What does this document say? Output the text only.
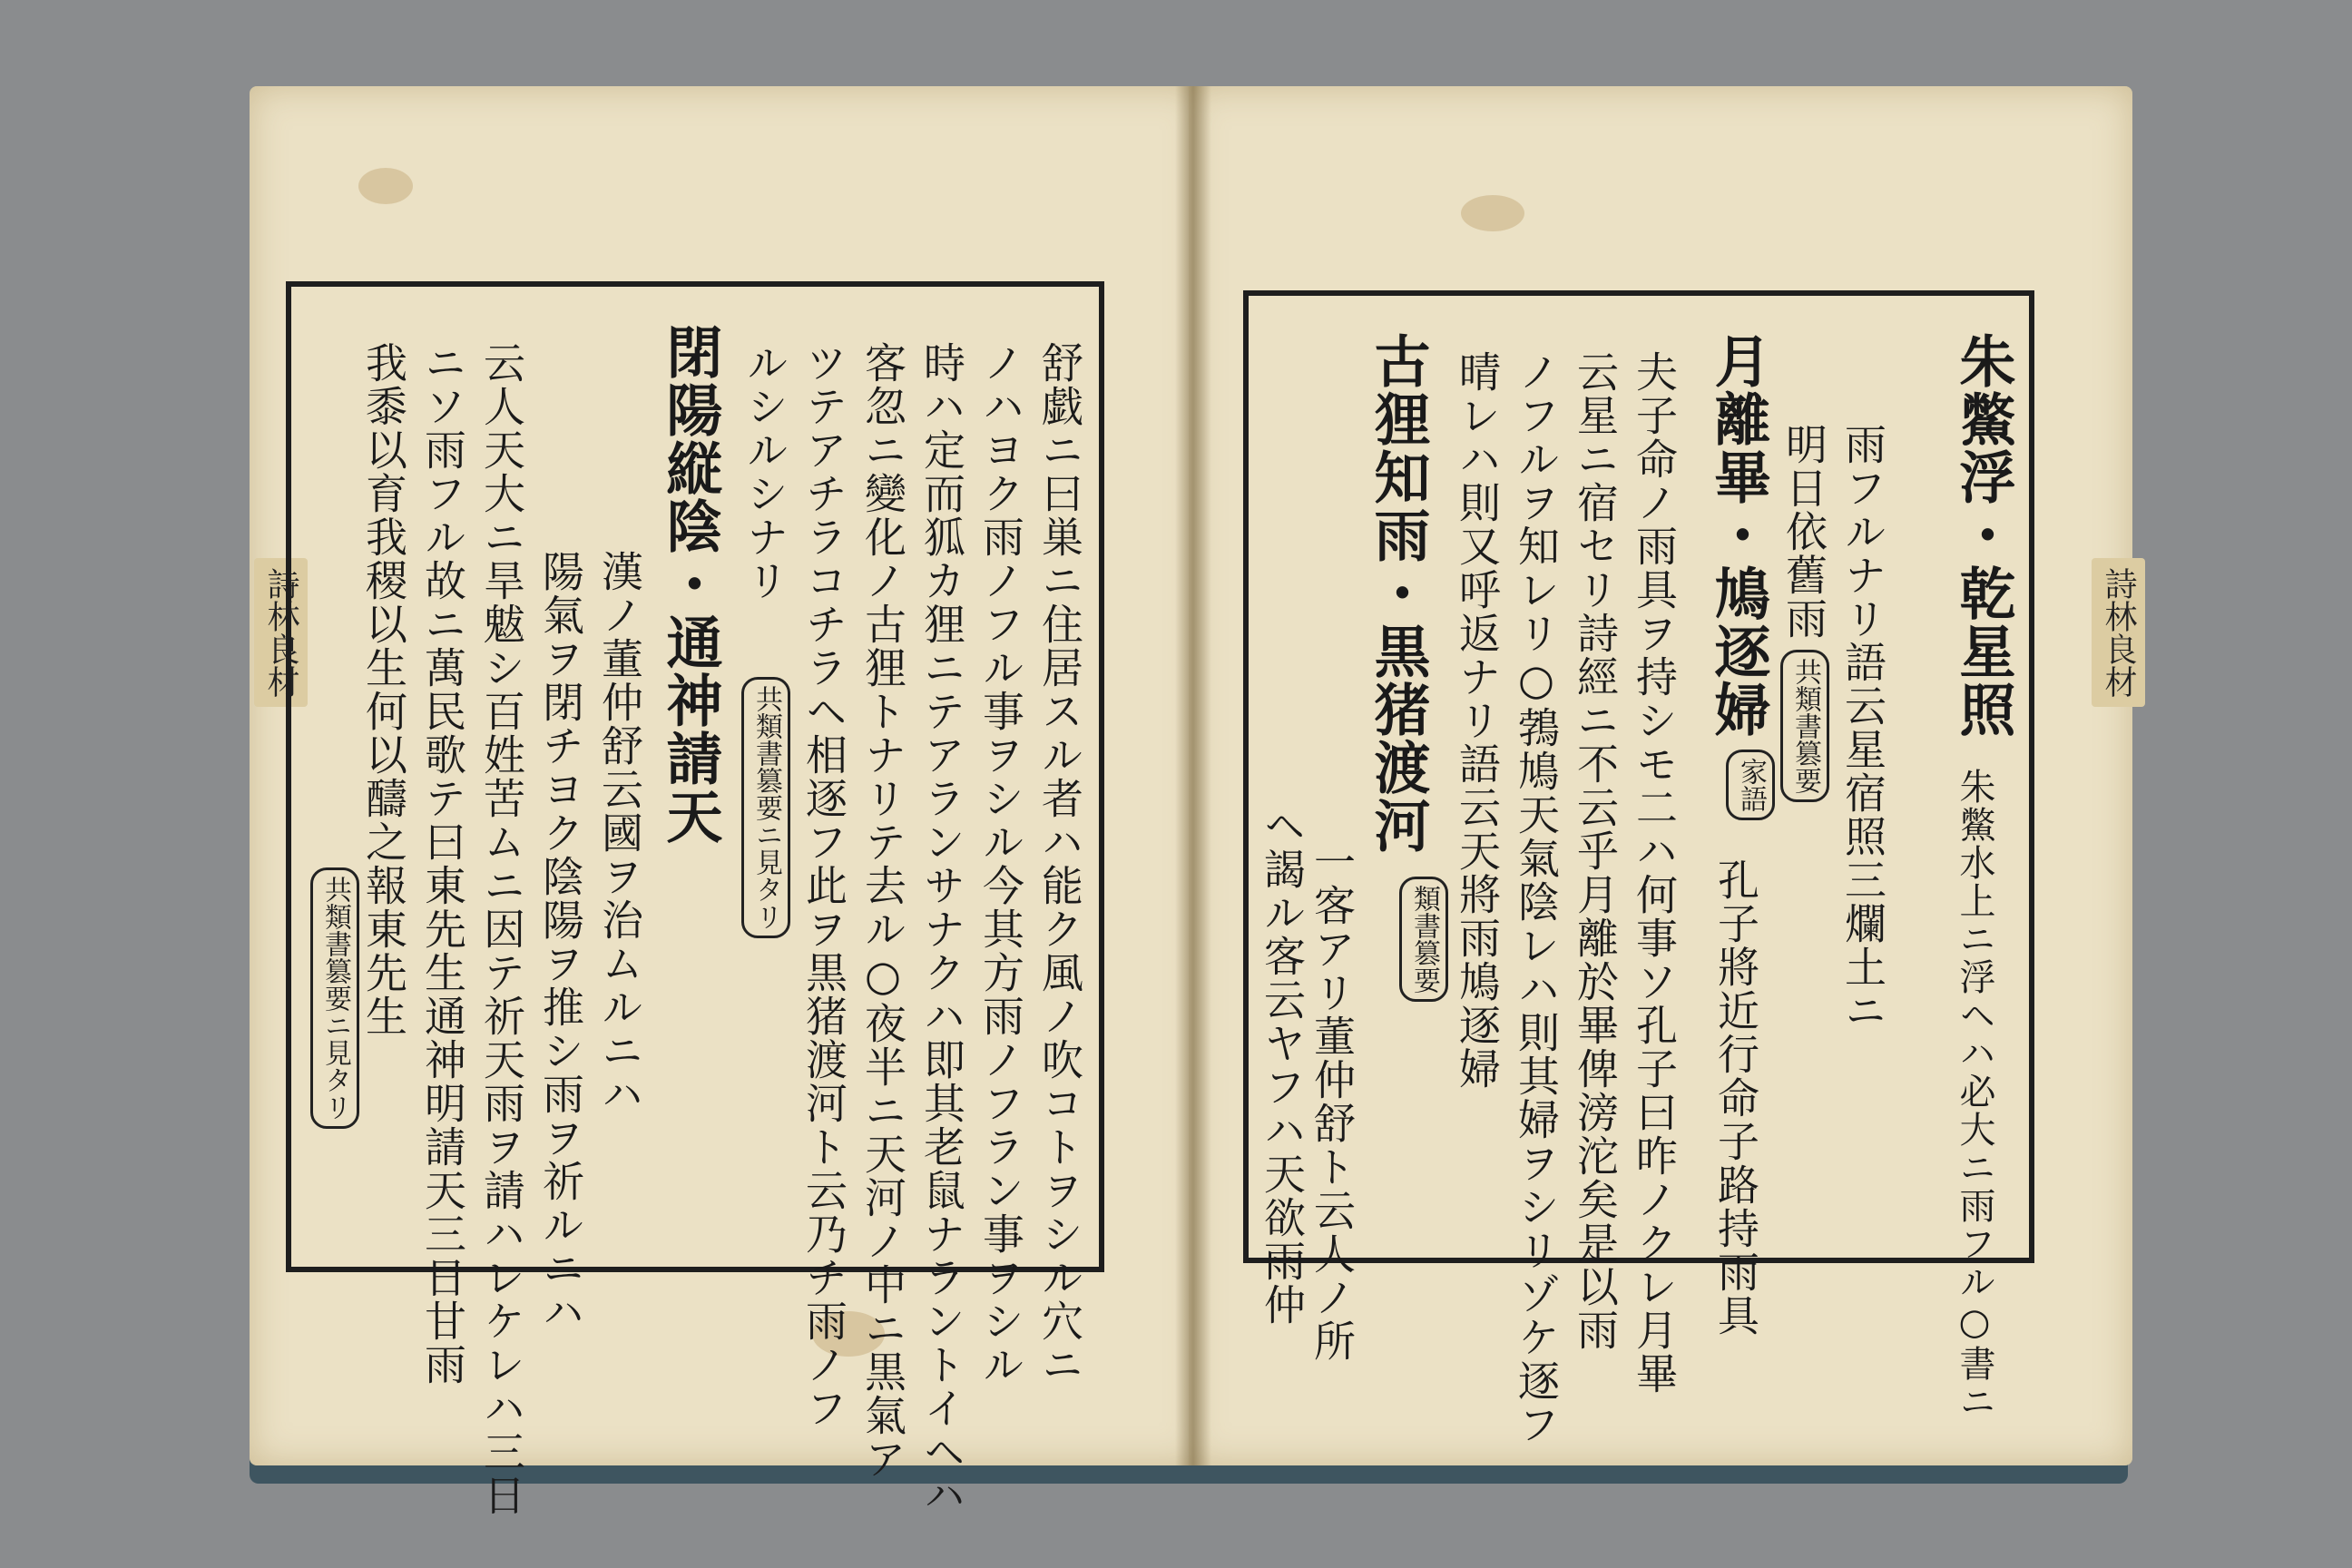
詩林良材	詩林良材
舒戯ニ曰巣ニ住居スル者ハ能ク風ノ吹コトヲシル穴ニ
ノハヨク雨ノフル事ヲシル今其方雨ノフラン事ヲシル
時ハ定而狐カ狸ニテアランサナクハ即其老鼠ナラントイヘハ
客忽ニ變化ノ古狸トナリテ去ル○夜半ニ天河ノ中ニ黒氣ア
ツテアチラコチラヘ相逐フ此ヲ黒猪渡河ト云乃チ雨ノフ
ルシルシナリ
共類書篡要ニ見タリ
閉陽縦陰・通神請天
漢ノ董仲舒云國ヲ治ムルニハ
陽氣ヲ閉チヨク陰陽ヲ推シ雨ヲ祈ルニハ
云人天大ニ旱魃シ百姓苦ムニ因テ祈天雨ヲ請ハレケレハ三日
ニソ雨フル故ニ萬民歌テ曰東先生通神明請天三日甘雨
我黍以育我稷以生何以醻之報東先生
共類書篡要ニ見タリ
朱鱉浮・乾星照
朱鱉水上ニ浮ヘハ必大ニ雨フル○書ニ
雨フルナリ語云星宿照三爛土ニ
明日依舊雨
共類書篡要
月離畢・鳩逐婦
家語
孔子將近行命子路持雨具
夫子命ノ雨具ヲ持シモ二ハ何事ソ孔子曰昨ノクレ月畢
云星ニ宿セリ詩經ニ不云乎月離於畢俾滂沱矣是以雨
ノフルヲ知レリ○鵓鳩天氣陰レハ則其婦ヲシリゾケ逐フ
晴レハ則又呼返ナリ語云天將雨鳩逐婦
類書篡要
古狸知雨・黒猪渡河
一客アリ董仲舒ト云人ノ所
ヘ謁ル客云ヤフハ天欲雨仲
